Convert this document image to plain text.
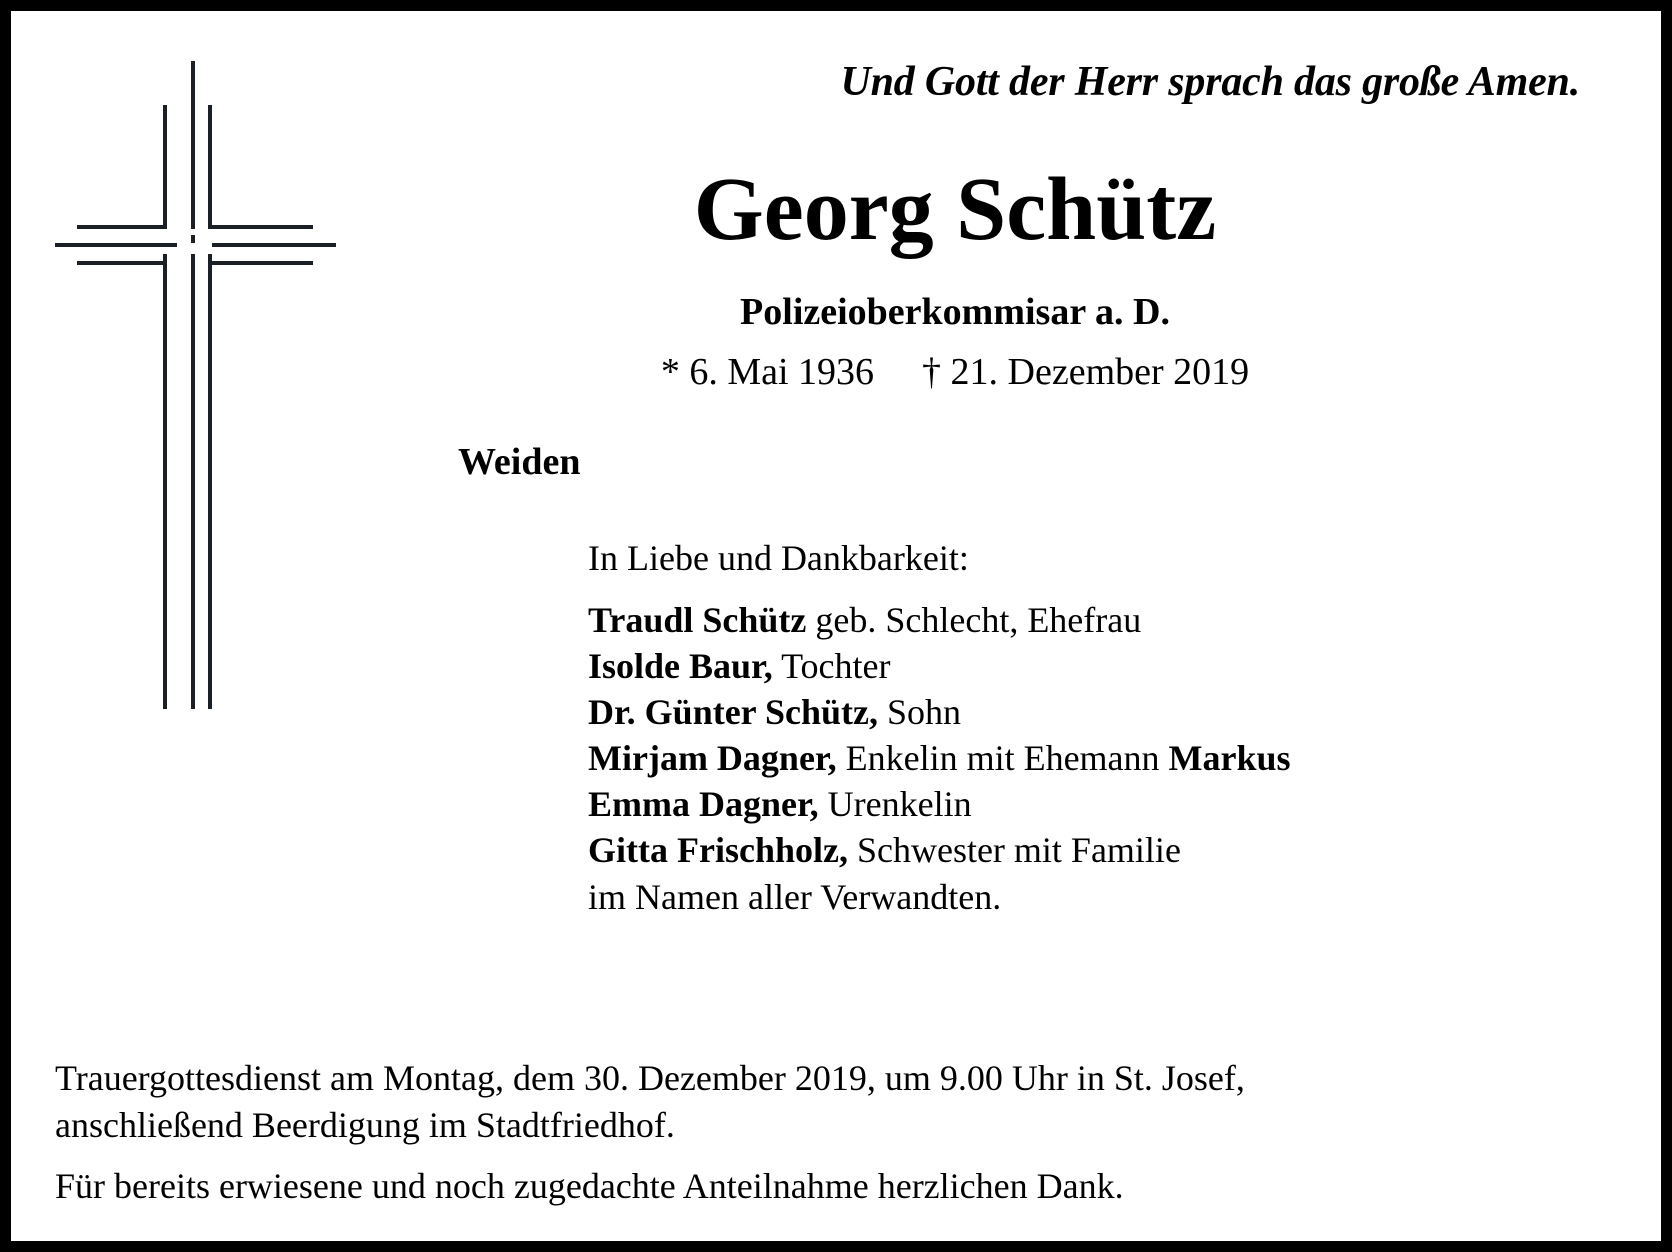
Und Gott der Herr sprach das große Amen.
Georg Schütz
Polizeioberkommisar a. D.
* 6. Mai 1936 † 21. Dezember 2019
Weiden
In Liebe und Dankbarkeit:
Traudl Schütz geb. Schlecht, Ehefrau
Isolde Baur, Tochter
Dr. Günter Schütz, Sohn
Mirjam Dagner, Enkelin mit Ehemann Markus
Emma Dagner, Urenkelin
Gitta Frischholz, Schwester mit Familie
im Namen aller Verwandten.
Trauergottesdienst am Montag, dem 30. Dezember 2019, um 9.00 Uhr in St. Josef,
anschließend Beerdigung im Stadtfriedhof.
Für bereits erwiesene und noch zugedachte Anteilnahme herzlichen Dank.
